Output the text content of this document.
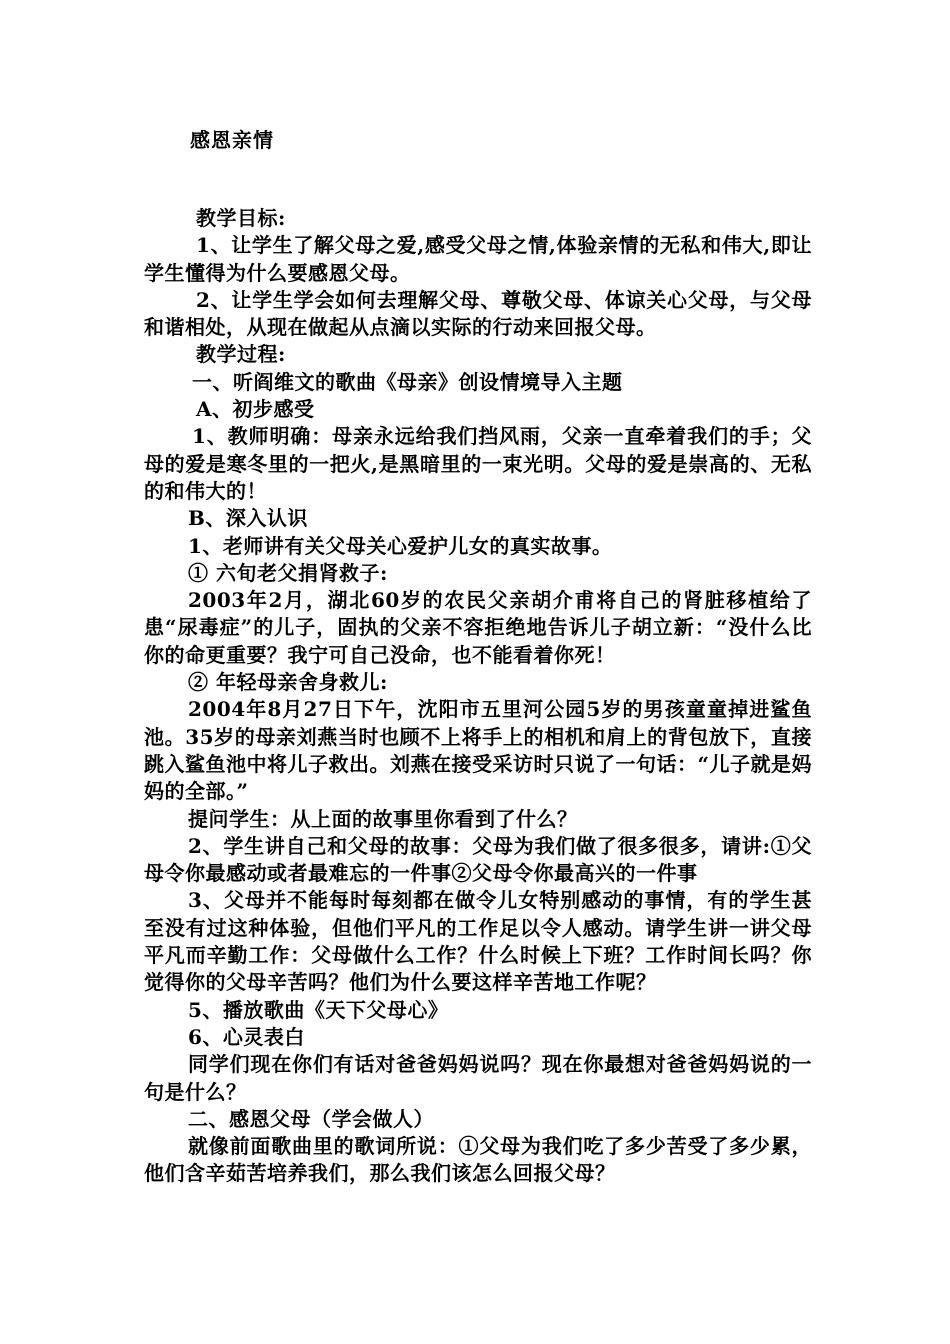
感恩亲情

教学目标:

1、让学生了解父母之爱,感受父母之情,体验亲情的无私和伟大,即让学生懂得为什么要感恩父母。

2、让学生学会如何去理解父母、尊敬父母、体谅关心父母，与父母和谐相处，从现在做起从点滴以实际的行动来回报父母。

教学过程:

一、听阎维文的歌曲《母亲》创设情境导入主题

A、初步感受

1、教师明确：母亲永远给我们挡风雨，父亲一直牵着我们的手；父母的爱是寒冬里的一把火,是黑暗里的一束光明。父母的爱是崇高的、无私的和伟大的！

B、深入认识

1、老师讲有关父母关心爱护儿女的真实故事。

① 六旬老父捐肾救子:

2003年2月，湖北60岁的农民父亲胡介甫将自己的肾脏移植给了患“尿毒症”的儿子，固执的父亲不容拒绝地告诉儿子胡立新：“没什么比你的命更重要？我宁可自己没命，也不能看着你死！

② 年轻母亲舍身救儿:

2004年8月27日下午，沈阳市五里河公园5岁的男孩童童掉进鲨鱼池。35岁的母亲刘燕当时也顾不上将手上的相机和肩上的背包放下，直接跳入鲨鱼池中将儿子救出。刘燕在接受采访时只说了一句话：“儿子就是妈妈的全部。”

提问学生：从上面的故事里你看到了什么？

2、学生讲自己和父母的故事：父母为我们做了很多很多，请讲:①父母令你最感动或者最难忘的一件事②父母令你最高兴的一件事

3、父母并不能每时每刻都在做令儿女特别感动的事情，有的学生甚至没有过这种体验，但他们平凡的工作足以令人感动。请学生讲一讲父母平凡而辛勤工作：父母做什么工作？什么时候上下班？工作时间长吗？你觉得你的父母辛苦吗？他们为什么要这样辛苦地工作呢？

5、播放歌曲《天下父母心》

6、心灵表白

同学们现在你们有话对爸爸妈妈说吗？现在你最想对爸爸妈妈说的一句是什么？

二、感恩父母（学会做人）

就像前面歌曲里的歌词所说：①父母为我们吃了多少苦受了多少累，他们含辛茹苦培养我们，那么我们该怎么回报父母？
